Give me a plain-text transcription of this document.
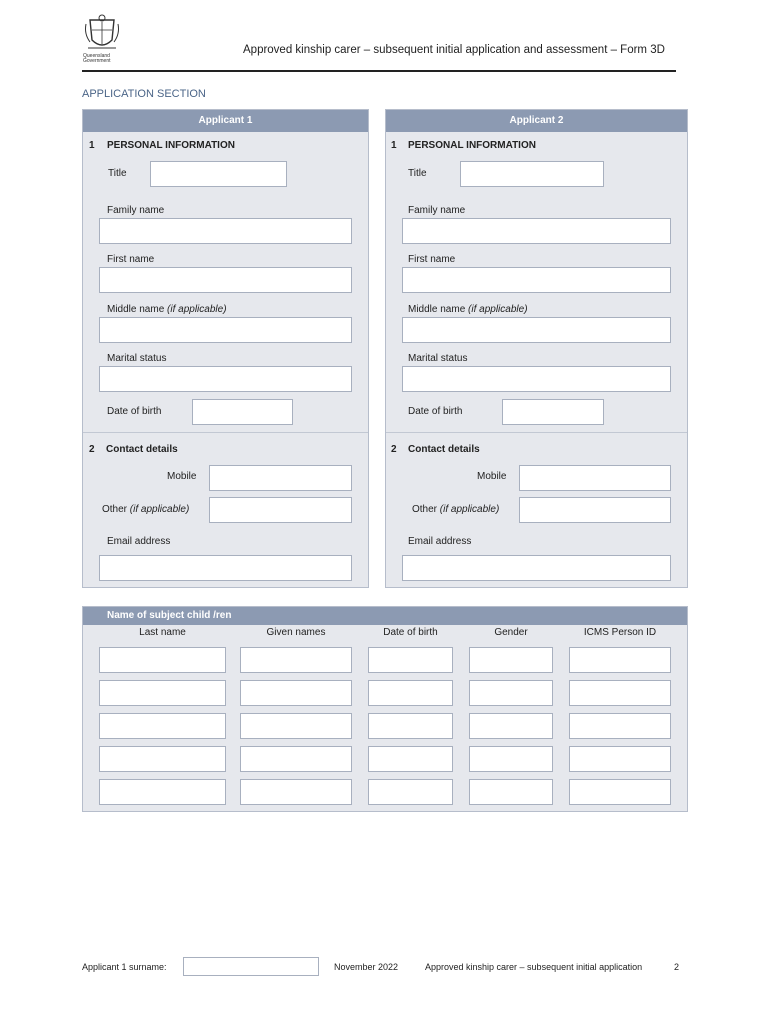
Queensland
Government
Approved kinship carer – subsequent initial application and assessment – Form 3D
APPLICATION SECTION
Applicant 1
1 PERSONAL INFORMATION
Title
Family name
First name
Middle name (if applicable)
Marital status
Date of birth
2 Contact details
Mobile
Other (if applicable)
Email address
Applicant 2
1 PERSONAL INFORMATION
Title
Family name
First name
Middle name (if applicable)
Marital status
Date of birth
2 Contact details
Mobile
Other (if applicable)
Email address
Name of subject child /ren
Last name	Given names	Date of birth	Gender	ICMS Person ID
Applicant 1 surname:	November 2022	Approved kinship carer – subsequent initial application	2
